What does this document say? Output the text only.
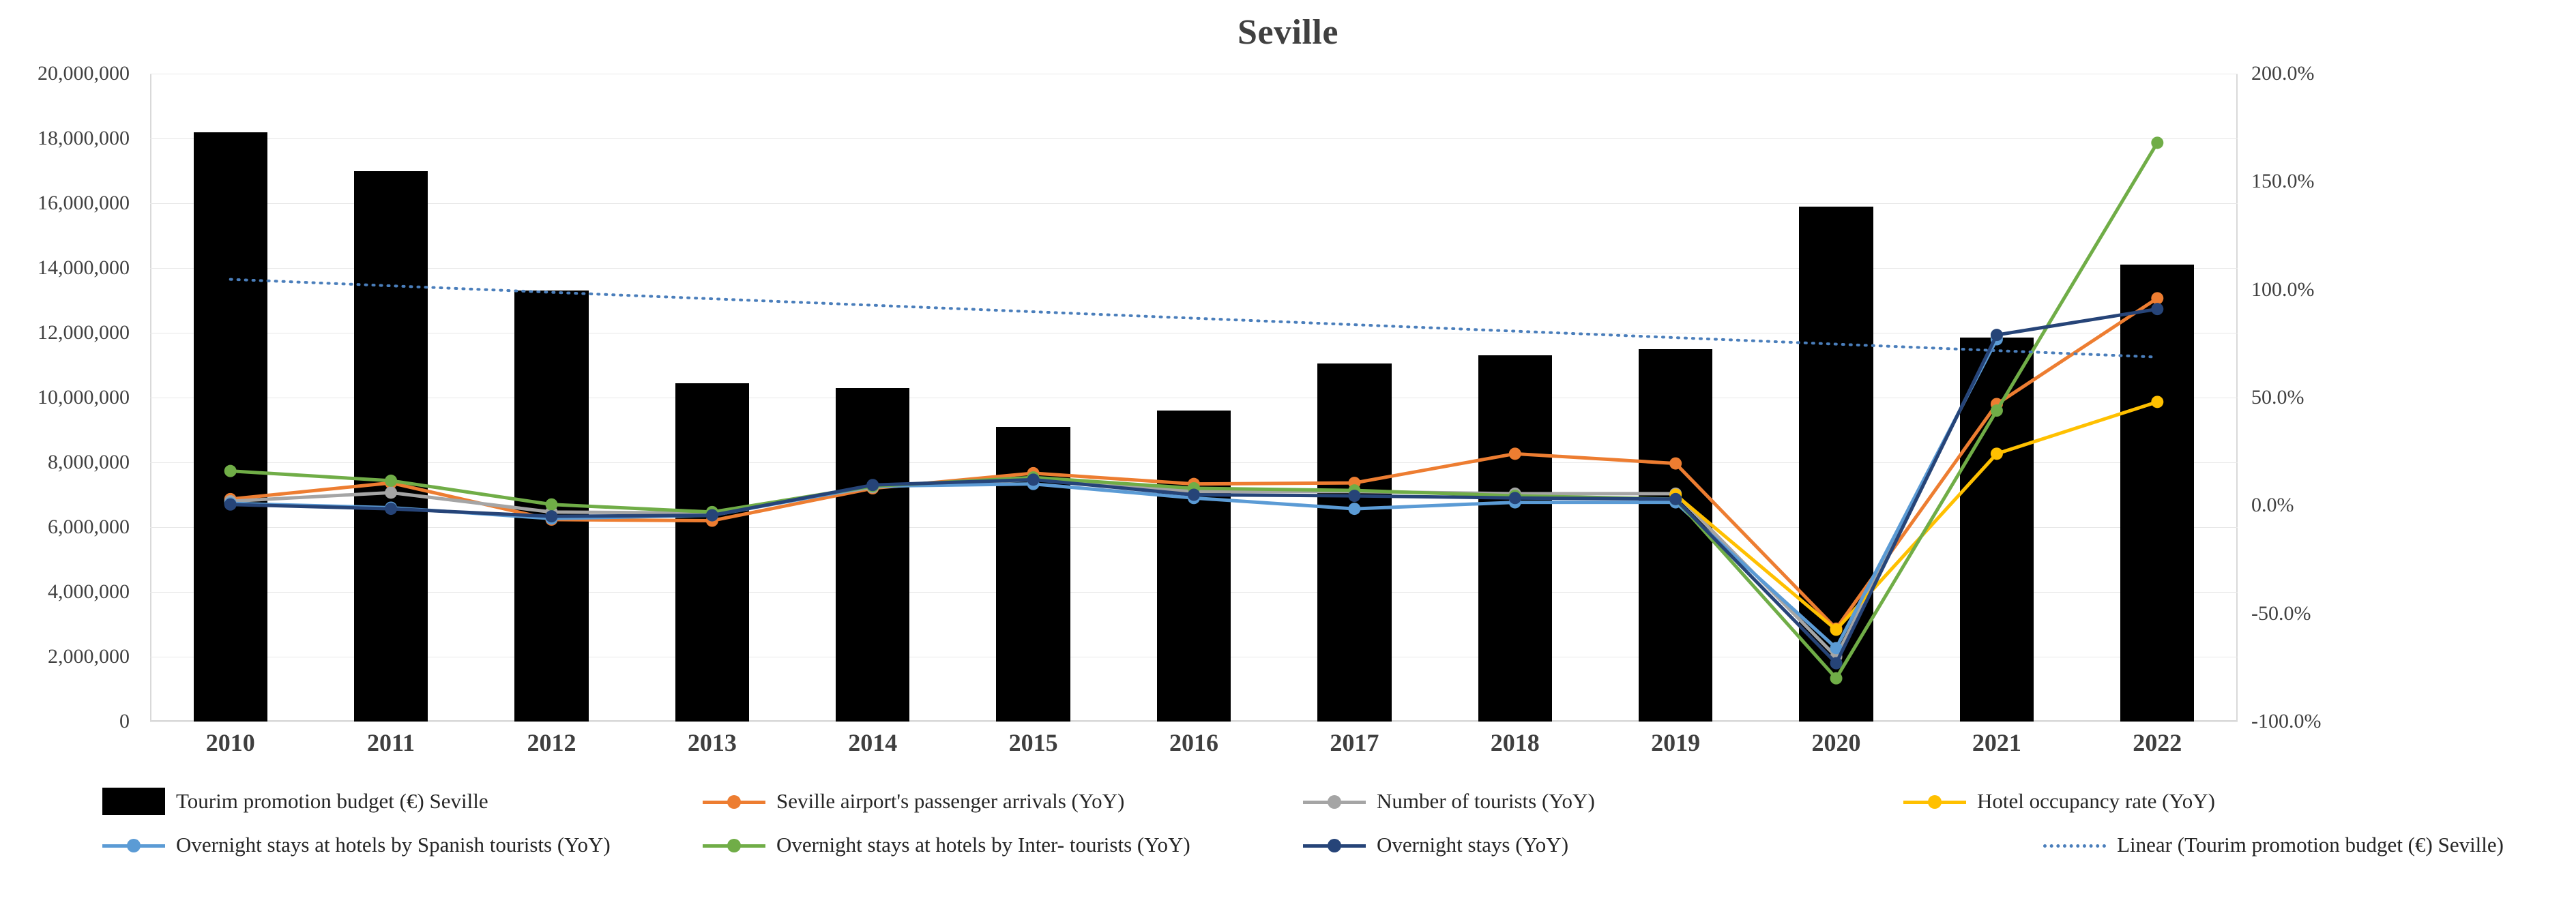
Seville
0
2,000,000
4,000,000
6,000,000
8,000,000
10,000,000
12,000,000
14,000,000
16,000,000
18,000,000
20,000,000
-100.0%
-50.0%
0.0%
50.0%
100.0%
150.0%
200.0%
2010	2011	2012	2013	2014	2015	2016	2017	2018	2019	2020	2021	2022
Tourim promotion budget (€) Seville	Seville airport's passenger arrivals (YoY)	Number of tourists (YoY)	Hotel occupancy rate (YoY)
Overnight stays at hotels by Spanish tourists (YoY)	Overnight stays at hotels by Inter- tourists (YoY)	Overnight stays (YoY)	Linear (Tourim promotion budget (€) Seville)
